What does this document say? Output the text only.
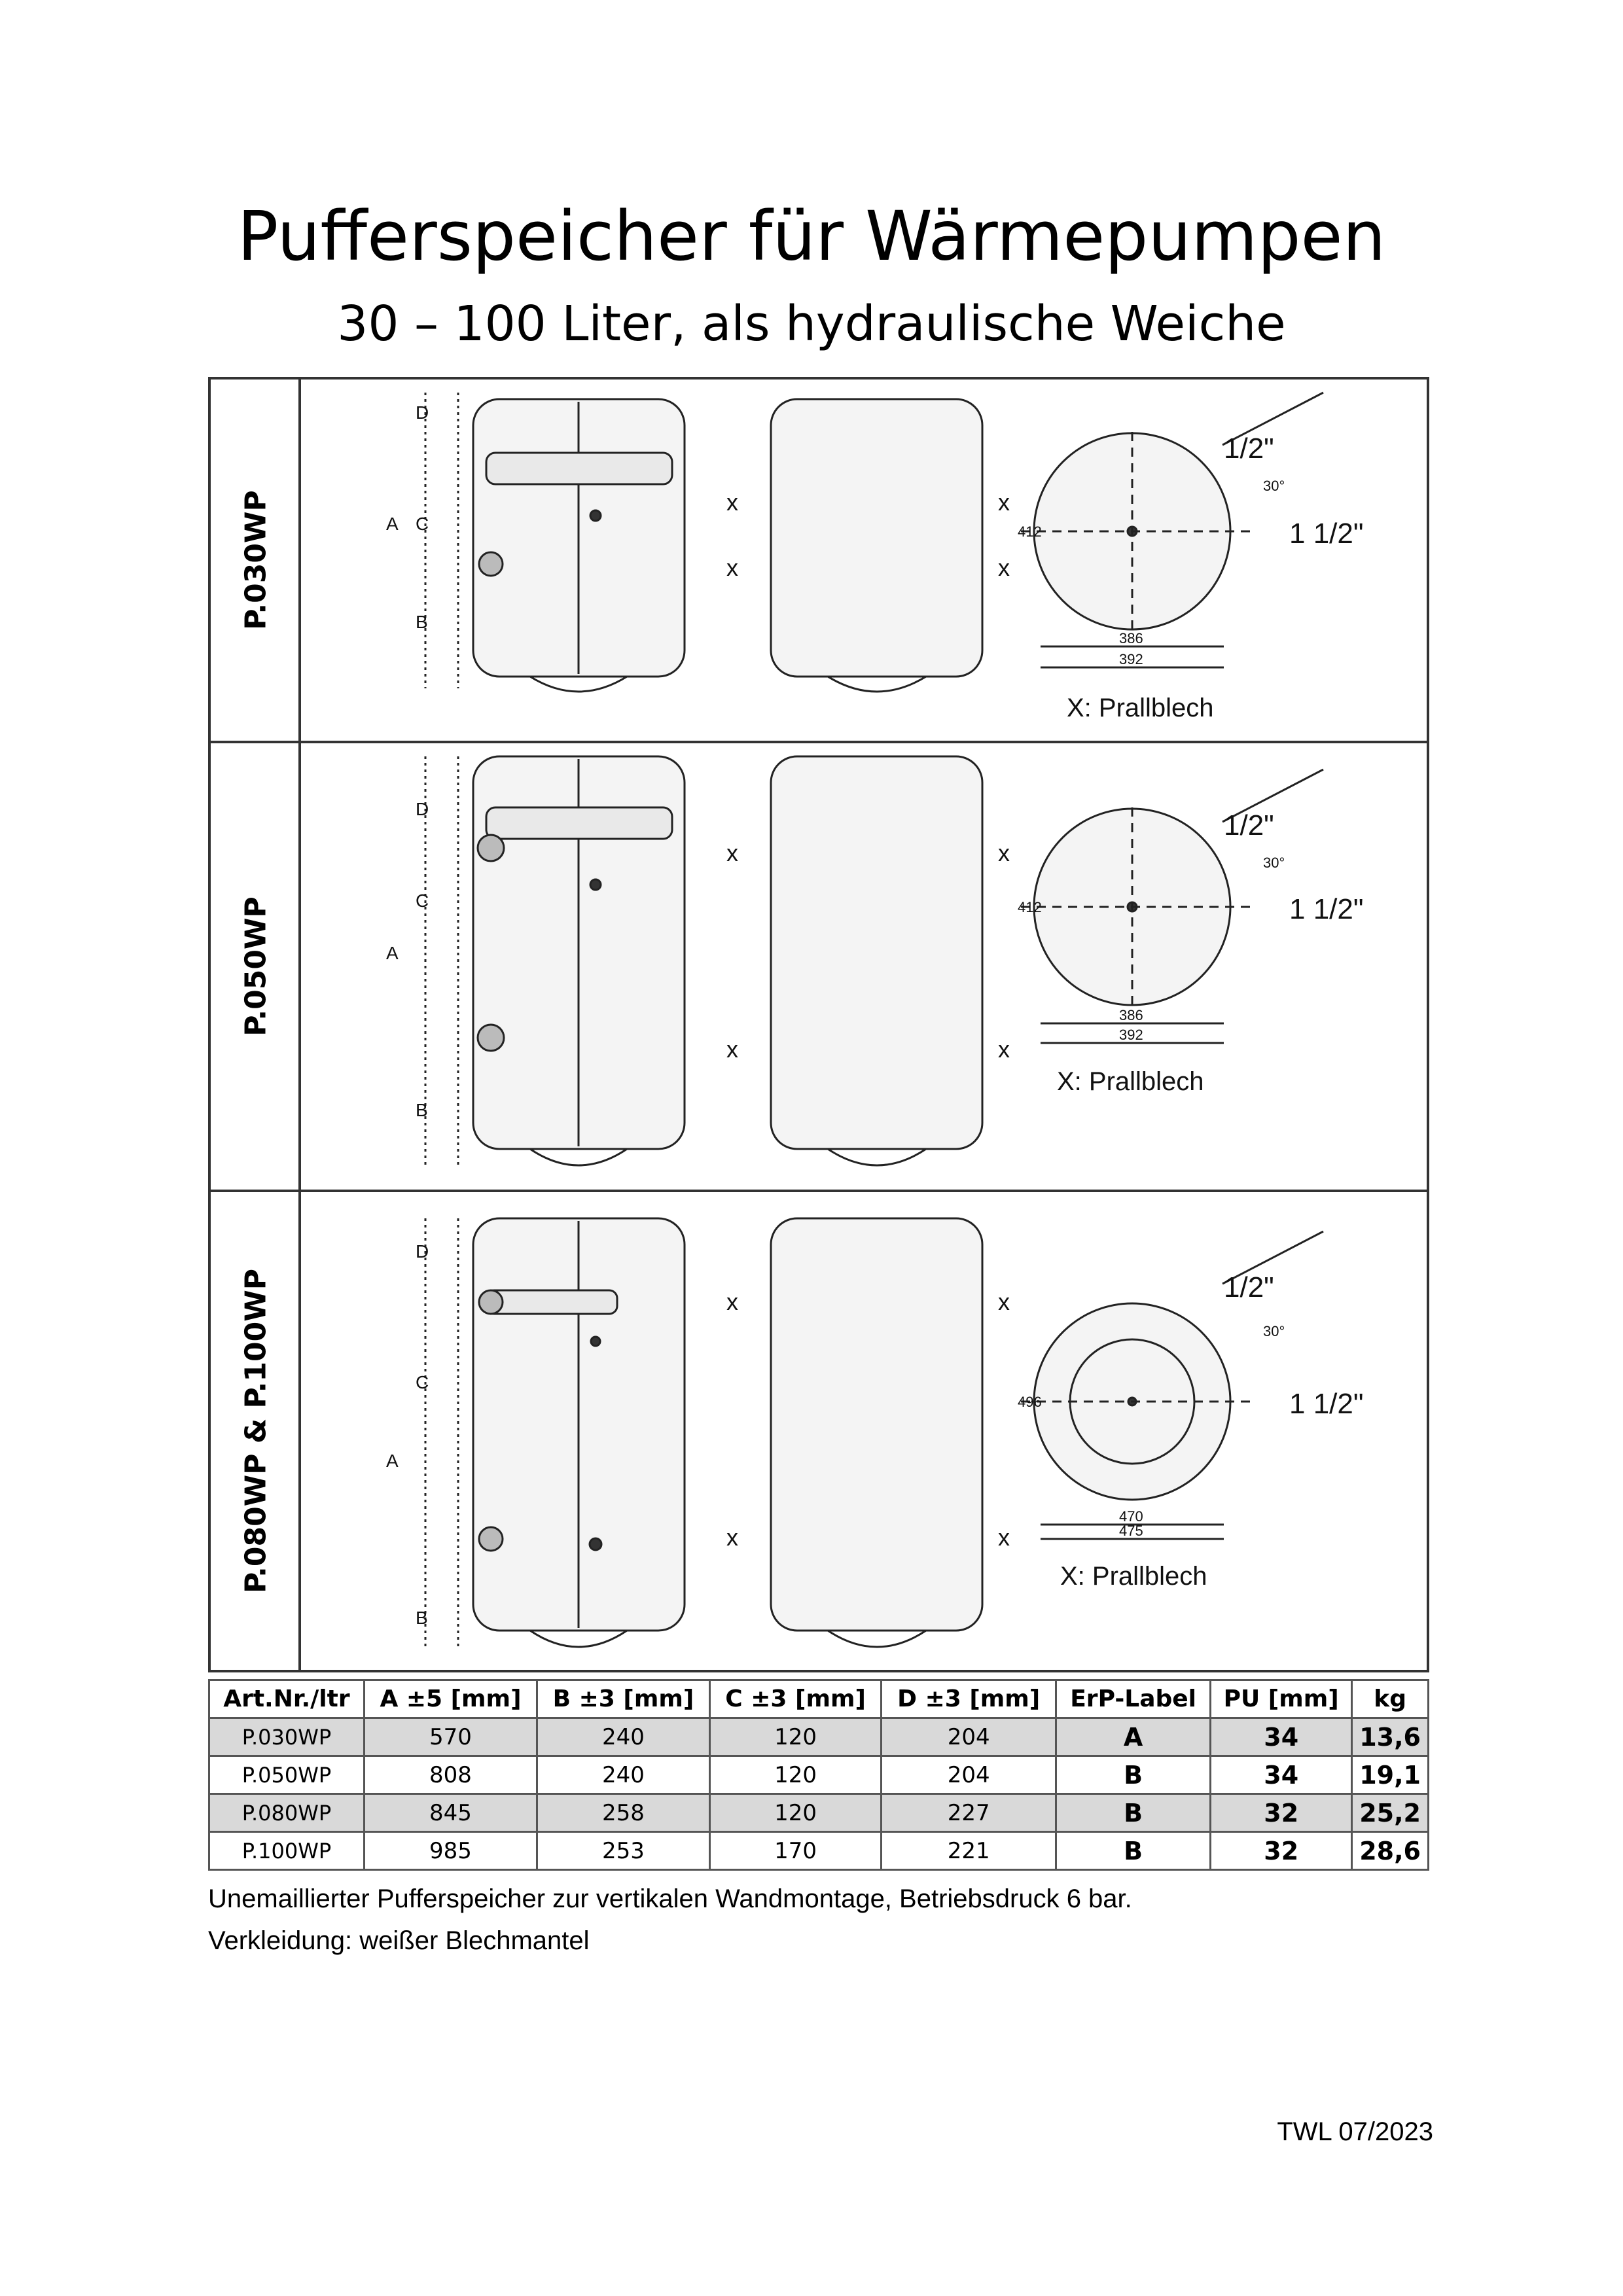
Pufferspeicher für Wärmepumpen
30 – 100 Liter, als hydraulische Weiche
P.030WP
D
A C
B
x
x
x
x
1/2"
1 1/2"
30°
412
386
392
X: Prallblech
P.050WP
D
A
C
B
x
x
x
x
1/2"
1 1/2"
30°
412
386
392
X: Prallblech
P.080WP & P.100WP
D
A
C
B
x
x
x
x
1/2"
1 1/2"
30°
496
470
475
X: Prallblech
Art.Nr./ltr	A ±5 [mm]	B ±3 [mm]	C ±3 [mm]	D ±3 [mm]	ErP-Label	PU [mm]	kg
P.030WP	570	240	120	204	A	34	13,6
P.050WP	808	240	120	204	B	34	19,1
P.080WP	845	258	120	227	B	32	25,2
P.100WP	985	253	170	221	B	32	28,6
Unemaillierter Pufferspeicher zur vertikalen Wandmontage, Betriebsdruck 6 bar.
Verkleidung: weißer Blechmantel
TWL 07/2023
